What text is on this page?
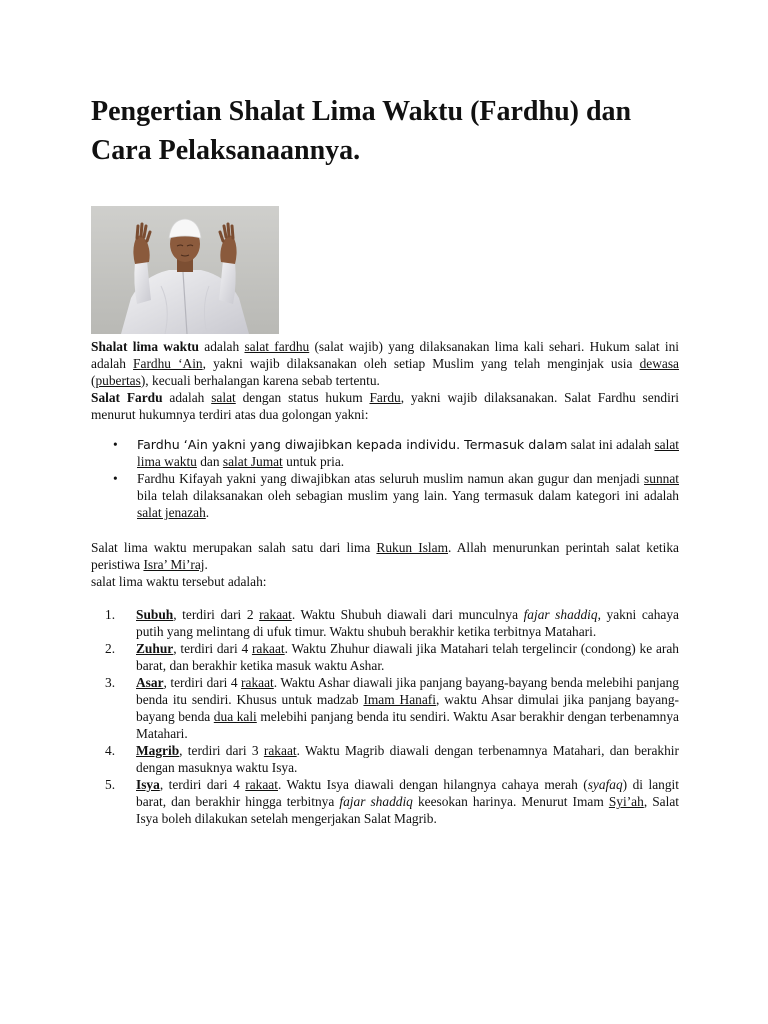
Pengertian Shalat Lima Waktu (Fardhu) dan Cara Pelaksanaannya.

Shalat lima waktu adalah salat fardhu (salat wajib) yang dilaksanakan lima kali sehari. Hukum salat ini adalah Fardhu ‘Ain, yakni wajib dilaksanakan oleh setiap Muslim yang telah menginjak usia dewasa (pubertas), kecuali berhalangan karena sebab tertentu.

Salat Fardu adalah salat dengan status hukum Fardu, yakni wajib dilaksanakan. Salat Fardhu sendiri menurut hukumnya terdiri atas dua golongan yakni:

• Fardhu ‘Ain yakni yang diwajibkan kepada individu. Termasuk dalam salat ini adalah salat lima waktu dan salat Jumat untuk pria.
• Fardhu Kifayah yakni yang diwajibkan atas seluruh muslim namun akan gugur dan menjadi sunnat bila telah dilaksanakan oleh sebagian muslim yang lain. Yang termasuk dalam kategori ini adalah salat jenazah.

Salat lima waktu merupakan salah satu dari lima Rukun Islam. Allah menurunkan perintah salat ketika peristiwa Isra’ Mi’raj.
salat lima waktu tersebut adalah:

1. Subuh, terdiri dari 2 rakaat. Waktu Shubuh diawali dari munculnya fajar shaddiq, yakni cahaya putih yang melintang di ufuk timur. Waktu shubuh berakhir ketika terbitnya Matahari.
2. Zuhur, terdiri dari 4 rakaat. Waktu Zhuhur diawali jika Matahari telah tergelincir (condong) ke arah barat, dan berakhir ketika masuk waktu Ashar.
3. Asar, terdiri dari 4 rakaat. Waktu Ashar diawali jika panjang bayang-bayang benda melebihi panjang benda itu sendiri. Khusus untuk madzab Imam Hanafi, waktu Ahsar dimulai jika panjang bayang-bayang benda dua kali melebihi panjang benda itu sendiri. Waktu Asar berakhir dengan terbenamnya Matahari.
4. Magrib, terdiri dari 3 rakaat. Waktu Magrib diawali dengan terbenamnya Matahari, dan berakhir dengan masuknya waktu Isya.
5. Isya, terdiri dari 4 rakaat. Waktu Isya diawali dengan hilangnya cahaya merah (syafaq) di langit barat, dan berakhir hingga terbitnya fajar shaddiq keesokan harinya. Menurut Imam Syi’ah, Salat Isya boleh dilakukan setelah mengerjakan Salat Magrib.
